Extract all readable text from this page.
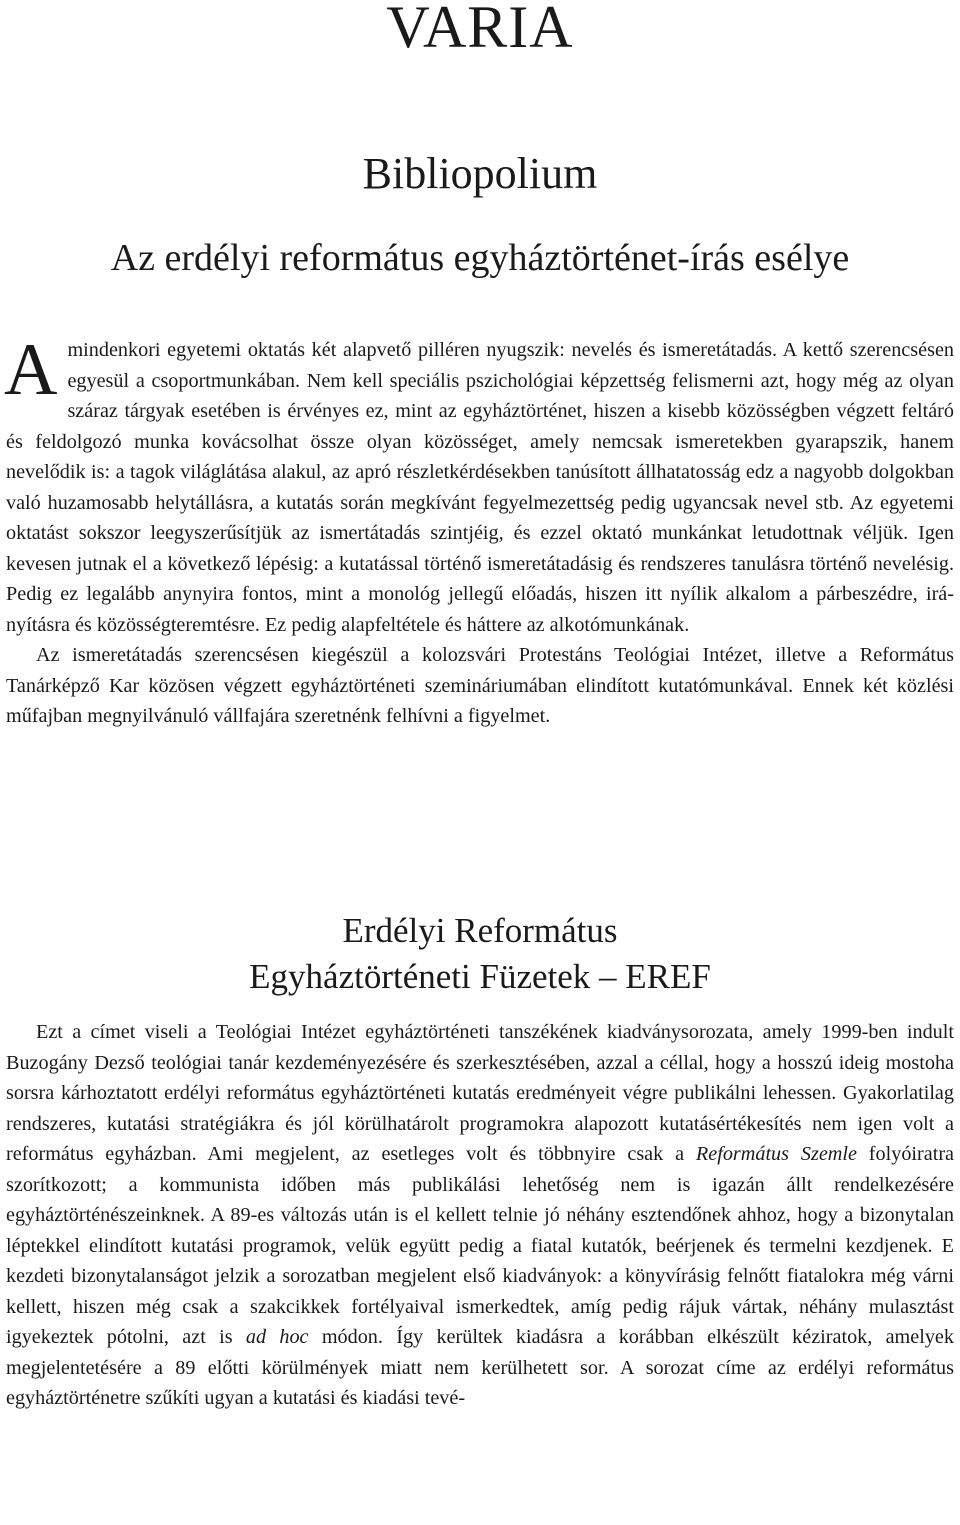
VARIA
Bibliopolium
Az erdélyi református egyháztörténet-írás esélye

A mindenkori egyetemi oktatás két alapvető pilléren nyugszik: nevelés és ismeretátadás. A kettő szerencsésen egyesül a csoportmunkában. Nem kell speciális pszichológiai képzettség felismerni azt, hogy még az olyan száraz tárgyak esetében is érvényes ez, mint az egyháztörténet, hiszen a kisebb közösségben végzett feltáró és feldolgozó munka kovácsolhat össze olyan közösséget, amely nemcsak ismeretekben gyarapszik, hanem nevelődik is: a tagok világlátása alakul, az apró részletkérdésekben tanúsított állhatatosság edz a nagyobb dolgokban való huzamosabb helytállásra, a kutatás során megkívánt fegyelmezettség pedig ugyancsak nevel stb. Az egyetemi oktatást sokszor leegyszerűsítjük az ismertátadás szintjéig, és ezzel oktató munkánkat letudottnak véljük. Igen kevesen jutnak el a következő lépésig: a kutatással történő ismeretátadásig és rendszeres tanulásra történő nevelésig. Pedig ez legalább anynyira fontos, mint a monológ jellegű előadás, hiszen itt nyílik alkalom a párbeszédre, irányításra és közösségteremtésre. Ez pedig alapfeltétele és háttere az alkotómunkának.

Az ismeretátadás szerencsésen kiegészül a kolozsvári Protestáns Teológiai Intézet, illetve a Református Tanárképző Kar közösen végzett egyháztörténeti szemináriumában elindított kutatómunkával. Ennek két közlési műfajban megnyilvánuló vállfajára szeretnénk felhívni a figyelmet.

Erdélyi Református
Egyháztörténeti Füzetek – EREF

Ezt a címet viseli a Teológiai Intézet egyháztörténeti tanszékének kiadványsorozata, amely 1999-ben indult Buzogány Dezső teológiai tanár kezdeményezésére és szerkesztésében, azzal a céllal, hogy a hosszú ideig mostoha sorsra kárhoztatott erdélyi református egyháztörténeti kutatás eredményeit végre publikálni lehessen. Gyakorlatilag rendszeres, kutatási stratégiákra és jól körülhatárolt programokra alapozott kutatásértékesítés nem igen volt a református egyházban. Ami megjelent, az esetleges volt és többnyire csak a Református Szemle folyóiratra szorítkozott; a kommunista időben más publikálási lehetőség nem is igazán állt rendelkezésére egyháztörténészeinknek. A 89-es változás után is el kellett telnie jó néhány esztendőnek ahhoz, hogy a bizonytalan léptekkel elindított kutatási programok, velük együtt pedig a fiatal kutatók, beérjenek és termelni kezdjenek. E kezdeti bizonytalanságot jelzik a sorozatban megjelent első kiadványok: a könyvírásig felnőtt fiatalokra még várni kellett, hiszen még csak a szakcikkek fortélyaival ismerkedtek, amíg pedig rájuk vártak, néhány mulasztást igyekeztek pótolni, azt is ad hoc módon. Így kerültek kiadásra a korábban elkészült kéziratok, amelyek megjelentetésére a 89 előtti körülmények miatt nem kerülhetett sor. A sorozat címe az erdélyi református egyháztörténetre szűkíti ugyan a kutatási és kiadási tevé-
